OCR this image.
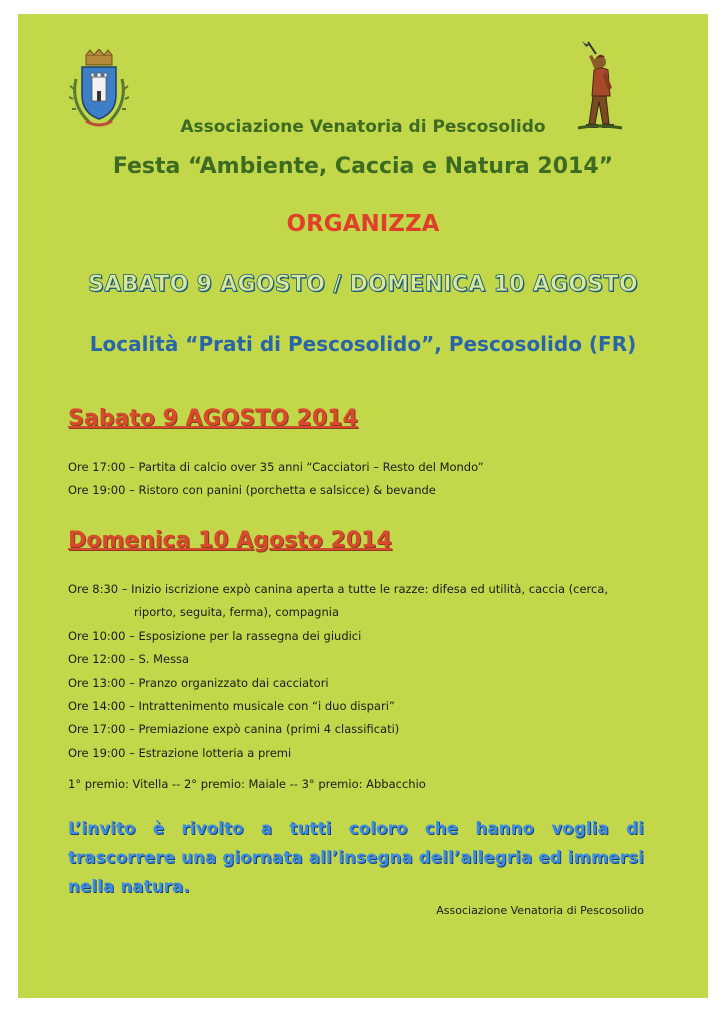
Associazione Venatoria di Pescosolido
Festa “Ambiente, Caccia e Natura 2014”
ORGANIZZA
SABATO 9 AGOSTO / DOMENICA 10 AGOSTO
Località “Prati di Pescosolido”, Pescosolido (FR)
Sabato 9 AGOSTO 2014
Ore 17:00 – Partita di calcio over 35 anni “Cacciatori – Resto del Mondo”
Ore 19:00 – Ristoro con panini (porchetta e salsicce) & bevande
Domenica 10 Agosto 2014
Ore 8:30 – Inizio iscrizione expò canina aperta a tutte le razze: difesa ed utilità, caccia (cerca,
riporto, seguita, ferma), compagnia
Ore 10:00 – Esposizione per la rassegna dei giudici
Ore 12:00 – S. Messa
Ore 13:00 – Pranzo organizzato dai cacciatori
Ore 14:00 – Intrattenimento musicale con “i duo dispari”
Ore 17:00 – Premiazione expò canina (primi 4 classificati)
Ore 19:00 – Estrazione lotteria a premi
1° premio: Vitella -- 2° premio: Maiale -- 3° premio: Abbacchio
L’invito è rivolto a tutti coloro che hanno voglia di trascorrere una giornata all’insegna dell’allegria ed immersi nella natura.
Associazione Venatoria di Pescosolido
